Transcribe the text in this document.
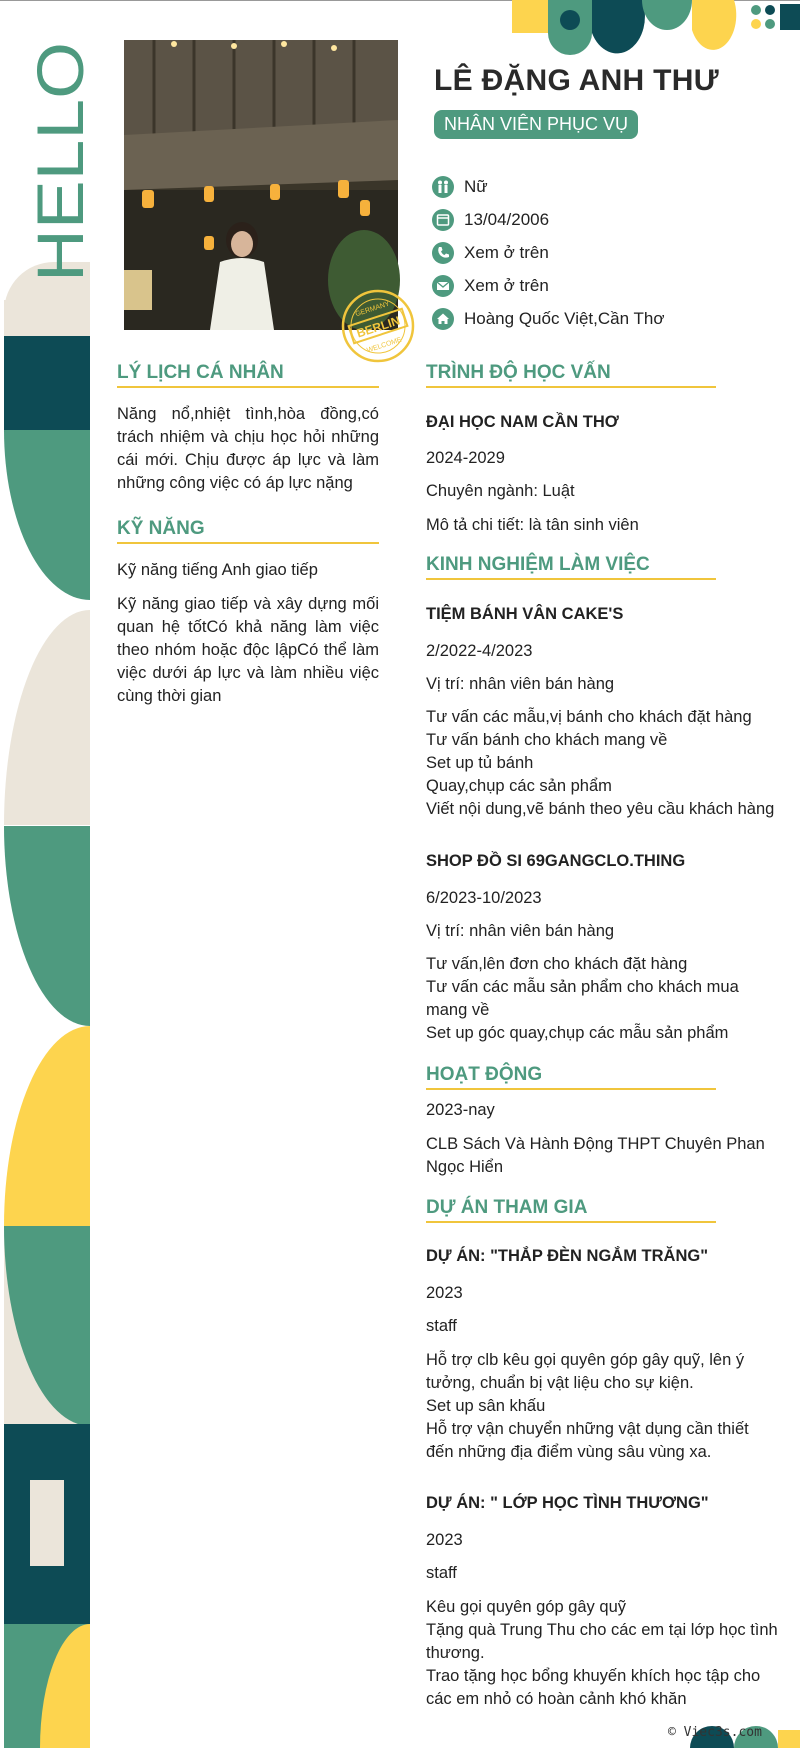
HELLO
BERLIN
GERMANY
WELCOME
LÊ ĐẶNG ANH THƯ
NHÂN VIÊN PHỤC VỤ
Nữ
13/04/2006
Xem ở trên
Xem ở trên
Hoàng Quốc Việt,Cần Thơ
LÝ LỊCH CÁ NHÂN
Năng nổ,nhiệt tình,hòa đồng,có trách nhiệm và chịu học hỏi những cái mới. Chịu được áp lực và làm những công việc có áp lực nặng
KỸ NĂNG
Kỹ năng tiếng Anh giao tiếp
Kỹ năng giao tiếp và xây dựng mối quan hệ tốtCó khả năng làm việc theo nhóm hoặc độc lậpCó thể làm việc dưới áp lực và làm nhiều việc cùng thời gian
TRÌNH ĐỘ HỌC VẤN
ĐẠI HỌC NAM CẦN THƠ
2024-2029
Chuyên ngành: Luật
Mô tả chi tiết: là tân sinh viên
KINH NGHIỆM LÀM VIỆC
TIỆM BÁNH VÂN CAKE'S
2/2022-4/2023
Vị trí: nhân viên bán hàng
Tư vấn các mẫu,vị bánh cho khách đặt hàng
Tư vấn bánh cho khách mang về
Set up tủ bánh
Quay,chụp các sản phẩm
Viết nội dung,vẽ bánh theo yêu cầu khách hàng
SHOP ĐỒ SI 69GANGCLO.THING
6/2023-10/2023
Vị trí: nhân viên bán hàng
Tư vấn,lên đơn cho khách đặt hàng
Tư vấn các mẫu sản phẩm cho khách mua
mang về
Set up góc quay,chụp các mẫu sản phẩm
HOẠT ĐỘNG
2023-nay
CLB Sách Và Hành Động THPT Chuyên Phan
Ngọc Hiển
DỰ ÁN THAM GIA
DỰ ÁN: "THẮP ĐÈN NGẮM TRĂNG"
2023
staff
Hỗ trợ clb kêu gọi quyên góp gây quỹ, lên ý
tưởng, chuẩn bị vật liệu cho sự kiện.
Set up sân khấu
Hỗ trợ vận chuyển những vật dụng cần thiết
đến những địa điểm vùng sâu vùng xa.
DỰ ÁN: " LỚP HỌC TÌNH THƯƠNG"
2023
staff
Kêu gọi quyên góp gây quỹ
Tặng quà Trung Thu cho các em tại lớp học tình
thương.
Trao tặng học bổng khuyến khích học tập cho
các em nhỏ có hoàn cảnh khó khăn
© Viec3s.com
